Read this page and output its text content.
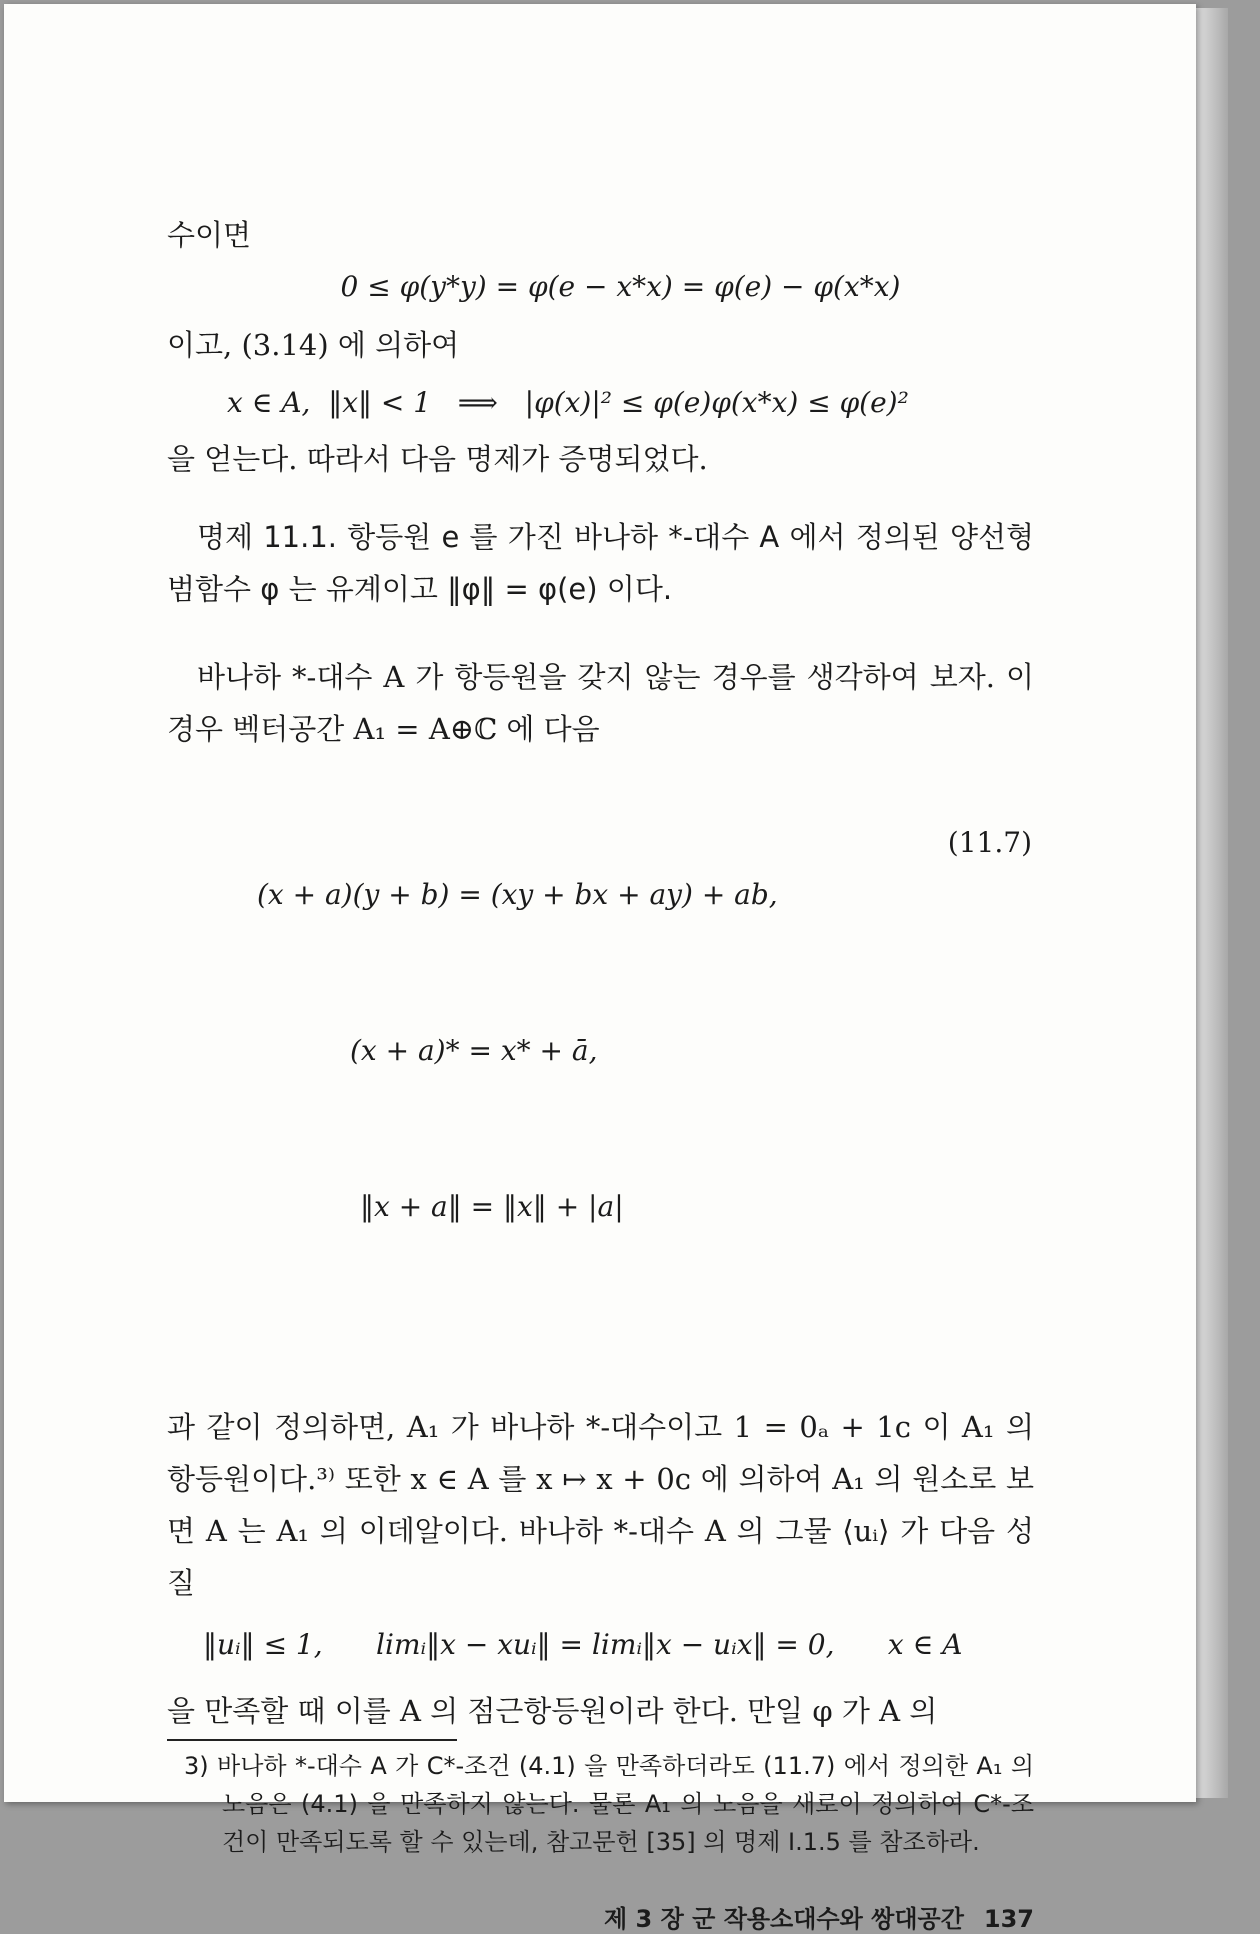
수이면

0 ≤ φ(y*y) = φ(e − x*x) = φ(e) − φ(x*x)

이고, (3.14) 에 의하여

x ∈ A,  ‖x‖ < 1   ⟹   |φ(x)|² ≤ φ(e)φ(x*x) ≤ φ(e)²

을 얻는다. 따라서 다음 명제가 증명되었다.

명제 11.1. 항등원 e 를 가진 바나하 *-대수 A 에서 정의된 양선형범함수 φ 는 유계이고 ‖φ‖ = φ(e) 이다.

바나하 *-대수 A 가 항등원을 갖지 않는 경우를 생각하여 보자. 이 경우 벡터공간 A₁ = A⊕ℂ 에 다음

(x + a)(y + b) = (xy + bx + ay) + ab,

(x + a)* = x* + ā,

‖x + a‖ = ‖x‖ + |a|

(11.7)

과 같이 정의하면, A₁ 가 바나하 *-대수이고 1 = 0ₐ + 1ᴄ 이 A₁ 의 항등원이다.³⁾ 또한 x ∈ A 를 x ↦ x + 0ᴄ 에 의하여 A₁ 의 원소로 보면 A 는 A₁ 의 이데알이다. 바나하 *-대수 A 의 그물 ⟨uᵢ⟩ 가 다음 성질

‖uᵢ‖ ≤ 1,      limᵢ‖x − xuᵢ‖ = limᵢ‖x − uᵢx‖ = 0,      x ∈ A

을 만족할 때 이를 A 의 점근항등원이라 한다. 만일 φ 가 A 의

3) 바나하 *-대수 A 가 C*-조건 (4.1) 을 만족하더라도 (11.7) 에서 정의한 A₁ 의 노음은 (4.1) 을 만족하지 않는다. 물론 A₁ 의 노음을 새로이 정의하여 C*-조건이 만족되도록 할 수 있는데, 참고문헌 [35] 의 명제 I.1.5 를 참조하라.

제 3 장 군 작용소대수와 쌍대공간 137
